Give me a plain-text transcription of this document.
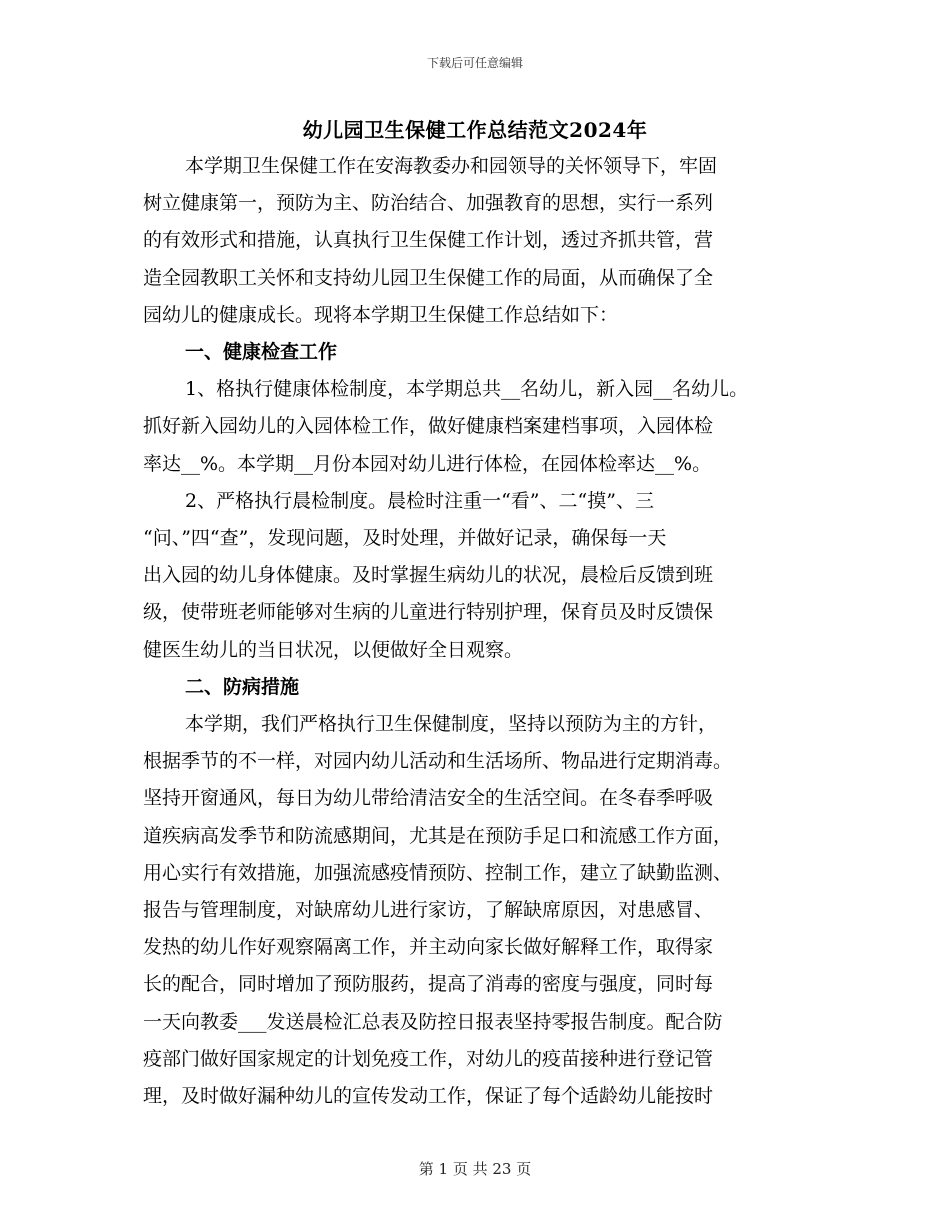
下载后可任意编辑
幼儿园卫生保健工作总结范文2024年

本学期卫生保健工作在安海教委办和园领导的关怀领导下，牢固
树立健康第一，预防为主、防治结合、加强教育的思想，实行一系列
的有效形式和措施，认真执行卫生保健工作计划，透过齐抓共管，营
造全园教职工关怀和支持幼儿园卫生保健工作的局面，从而确保了全
园幼儿的健康成长。现将本学期卫生保健工作总结如下：

一、健康检查工作

1、格执行健康体检制度，本学期总共__名幼儿，新入园__名幼儿。
抓好新入园幼儿的入园体检工作，做好健康档案建档事项，入园体检
率达__%。本学期__月份本园对幼儿进行体检，在园体检率达__%。

2、严格执行晨检制度。晨检时注重一“看”、二“摸”、三
“问、”四“查”，发现问题，及时处理，并做好记录，确保每一天
出入园的幼儿身体健康。及时掌握生病幼儿的状况，晨检后反馈到班
级，使带班老师能够对生病的儿童进行特别护理，保育员及时反馈保
健医生幼儿的当日状况，以便做好全日观察。

二、防病措施

本学期，我们严格执行卫生保健制度，坚持以预防为主的方针，
根据季节的不一样，对园内幼儿活动和生活场所、物品进行定期消毒。
坚持开窗通风，每日为幼儿带给清洁安全的生活空间。在冬春季呼吸
道疾病高发季节和防流感期间，尤其是在预防手足口和流感工作方面，
用心实行有效措施，加强流感疫情预防、控制工作，建立了缺勤监测、
报告与管理制度，对缺席幼儿进行家访，了解缺席原因，对患感冒、
发热的幼儿作好观察隔离工作，并主动向家长做好解释工作，取得家
长的配合，同时增加了预防服药，提高了消毒的密度与强度，同时每
一天向教委___发送晨检汇总表及防控日报表坚持零报告制度。配合防
疫部门做好国家规定的计划免疫工作，对幼儿的疫苗接种进行登记管
理，及时做好漏种幼儿的宣传发动工作，保证了每个适龄幼儿能按时

第 1 页 共 23 页
